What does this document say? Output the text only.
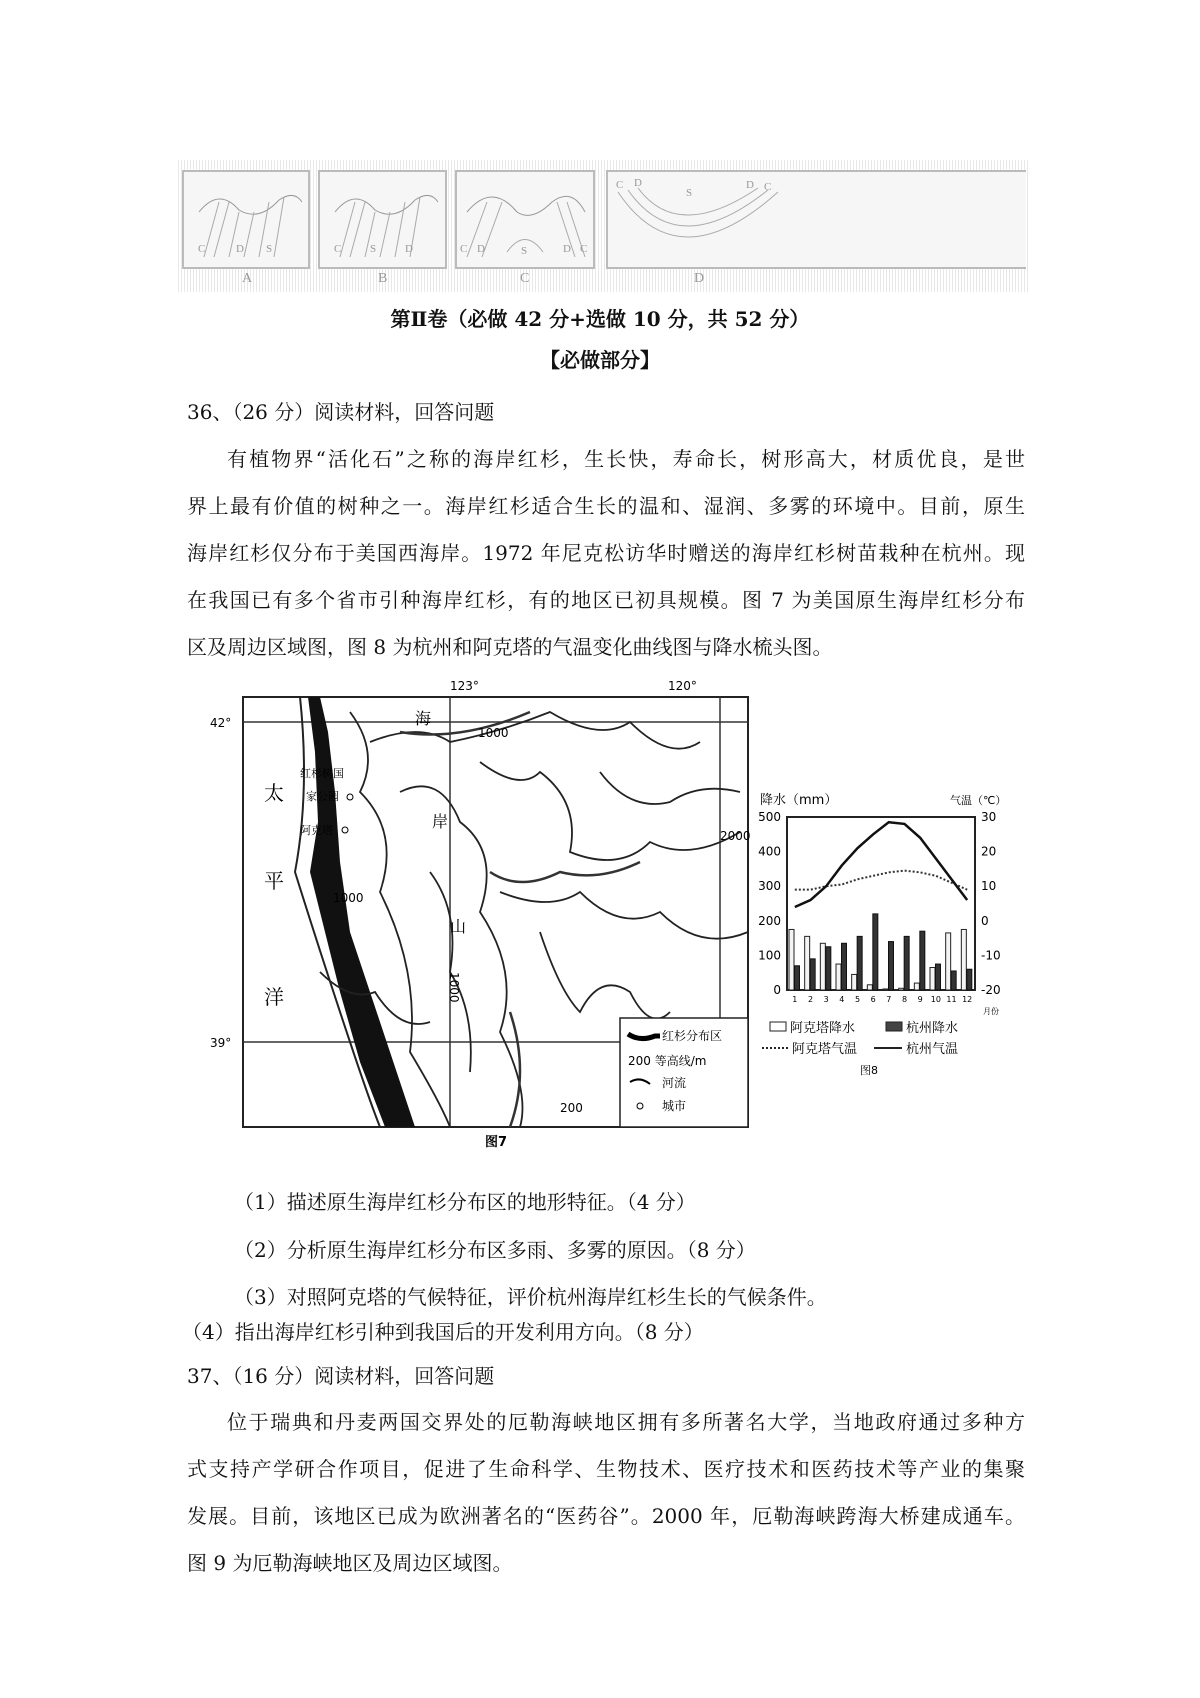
C	D S	C	S	D	C D	S	D C
C D
S
D C
A	B	C	D
第Ⅱ卷（必做 42 分+选做 10 分，共 52 分）
【必做部分】
36、（26 分）阅读材料，回答问题
有植物界“活化石”之称的海岸红杉，生长快，寿命长，树形高大，材质优良，是世
界上最有价值的树种之一。海岸红杉适合生长的温和、湿润、多雾的环境中。目前，原生
海岸红杉仅分布于美国西海岸。1972 年尼克松访华时赠送的海岸红杉树苗栽种在杭州。现
在我国已有多个省市引种海岸红杉，有的地区已初具规模。图 7 为美国原生海岸红杉分布
区及周边区域图，图 8 为杭州和阿克塔的气温变化曲线图与降水梳头图。
123°	120°
42°
39°
太
平
洋
海
岸
山
红杉树国
家公园
阿克塔
1000
2000
1000
1000
200
红杉分布区
200 等高线/m
河流
城市
图7
降水（mm）	气温（℃）
500
400
300
200
100
0
30
20
10
0
-10
-20
1 2 3 4 5 6 7 8 9 10 11 12
月份
阿克塔降水	杭州降水
阿克塔气温	杭州气温
图8
（1）描述原生海岸红杉分布区的地形特征。（4 分）
（2）分析原生海岸红杉分布区多雨、多雾的原因。（8 分）
（3）对照阿克塔的气候特征，评价杭州海岸红杉生长的气候条件。
（4）指出海岸红杉引种到我国后的开发利用方向。（8 分）
37、（16 分）阅读材料，回答问题
位于瑞典和丹麦两国交界处的厄勒海峡地区拥有多所著名大学，当地政府通过多种方
式支持产学研合作项目，促进了生命科学、生物技术、医疗技术和医药技术等产业的集聚
发展。目前，该地区已成为欧洲著名的“医药谷”。2000 年，厄勒海峡跨海大桥建成通车。
图 9 为厄勒海峡地区及周边区域图。
